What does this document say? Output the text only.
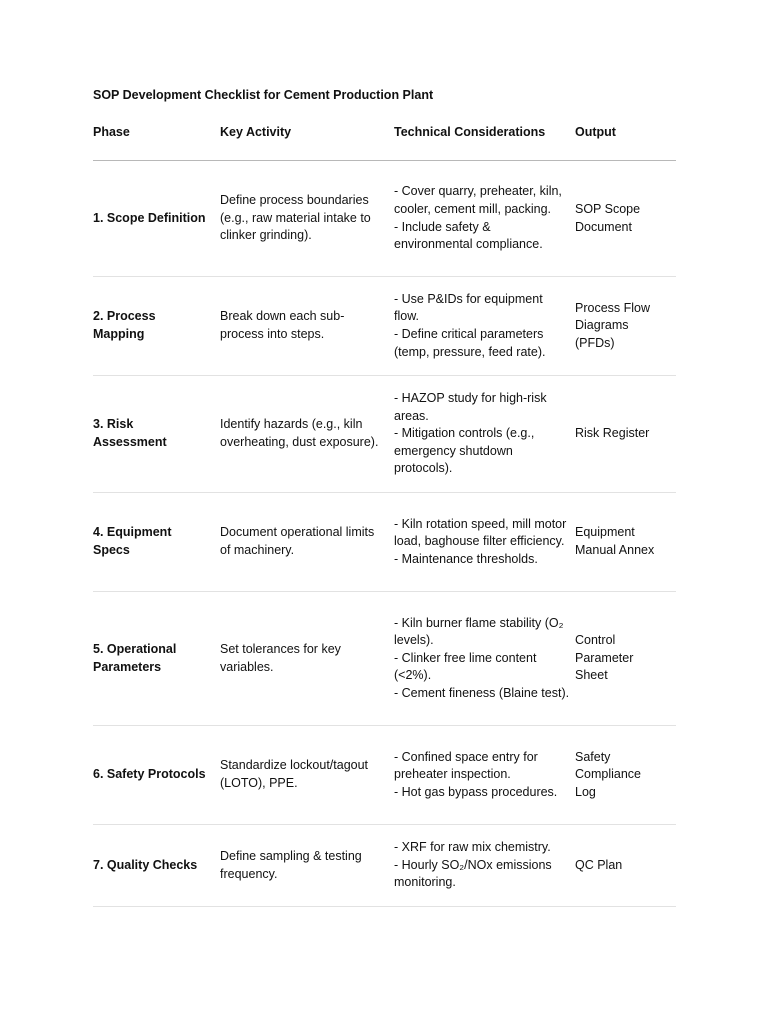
SOP Development Checklist for Cement Production Plant

Phase	Key Activity	Technical Considerations	Output

1. Scope Definition	Define process boundaries (e.g., raw material intake to clinker grinding).	- Cover quarry, preheater, kiln, cooler, cement mill, packing.
- Include safety & environmental compliance.	SOP Scope Document

2. Process Mapping	Break down each sub-process into steps.	- Use P&IDs for equipment flow.
- Define critical parameters (temp, pressure, feed rate).	Process Flow Diagrams (PFDs)

3. Risk Assessment	Identify hazards (e.g., kiln overheating, dust exposure).	- HAZOP study for high-risk areas.
- Mitigation controls (e.g., emergency shutdown protocols).	Risk Register

4. Equipment Specs	Document operational limits of machinery.	- Kiln rotation speed, mill motor load, baghouse filter efficiency.
- Maintenance thresholds.	Equipment Manual Annex

5. Operational Parameters	Set tolerances for key variables.	- Kiln burner flame stability (O₂ levels).
- Clinker free lime content (<2%).
- Cement fineness (Blaine test).	Control Parameter Sheet

6. Safety Protocols	Standardize lockout/tagout (LOTO), PPE.	- Confined space entry for preheater inspection.
- Hot gas bypass procedures.	Safety Compliance Log

7. Quality Checks	Define sampling & testing frequency.	- XRF for raw mix chemistry.
- Hourly SO₂/NOx emissions monitoring.	QC Plan
